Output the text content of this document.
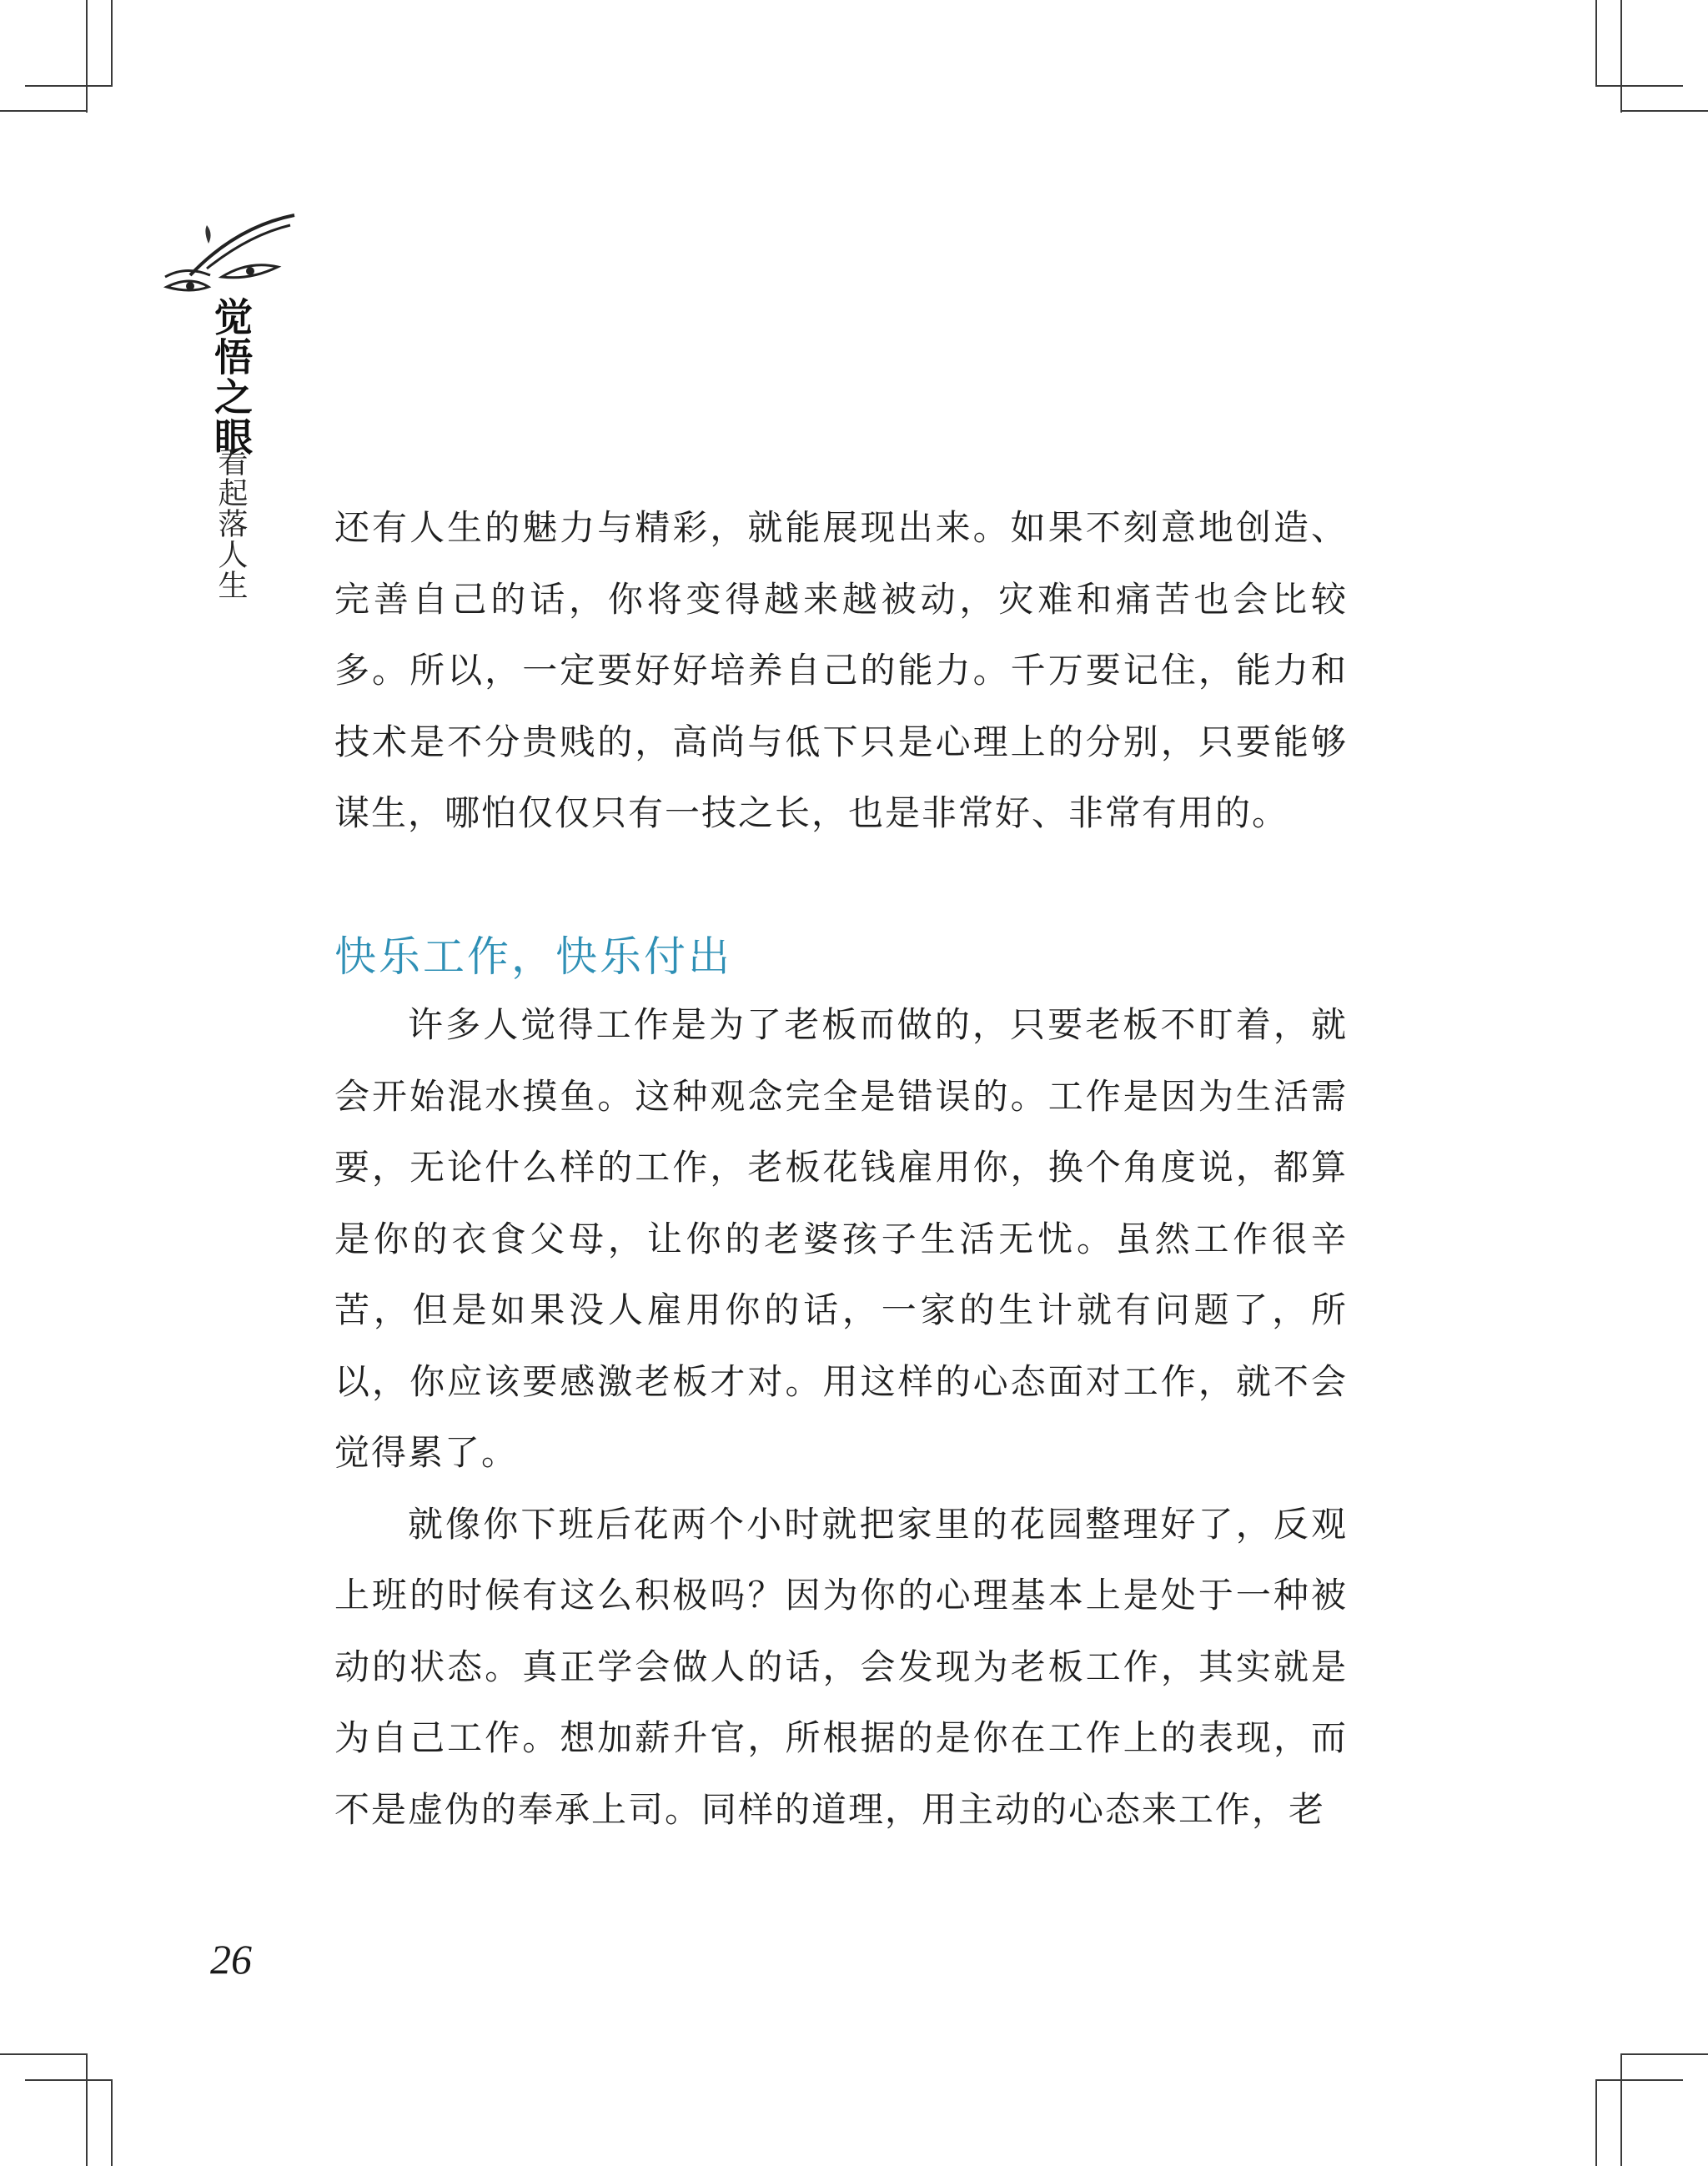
觉悟之眼
看起落人生 还有人生的魅力与精彩，就能展现出来。如果不刻意地创造、完善自己的话，你将变得越来越被动，灾难和痛苦也会比较多。所以，一定要好好培养自己的能力。千万要记住，能力和技术是不分贵贱的，高尚与低下只是心理上的分别，只要能够谋生，哪怕仅仅只有一技之长，也是非常好、非常有用的。

快乐工作，快乐付出

许多人觉得工作是为了老板而做的，只要老板不盯着，就会开始混水摸鱼。这种观念完全是错误的。工作是因为生活需要，无论什么样的工作，老板花钱雇用你，换个角度说，都算是你的衣食父母，让你的老婆孩子生活无忧。虽然工作很辛苦，但是如果没人雇用你的话，一家的生计就有问题了，所以，你应该要感激老板才对。用这样的心态面对工作，就不会觉得累了。

就像你下班后花两个小时就把家里的花园整理好了，反观上班的时候有这么积极吗？因为你的心理基本上是处于一种被动的状态。真正学会做人的话，会发现为老板工作，其实就是为自己工作。想加薪升官，所根据的是你在工作上的表现，而不是虚伪的奉承上司。同样的道理，用主动的心态来工作，老

26
